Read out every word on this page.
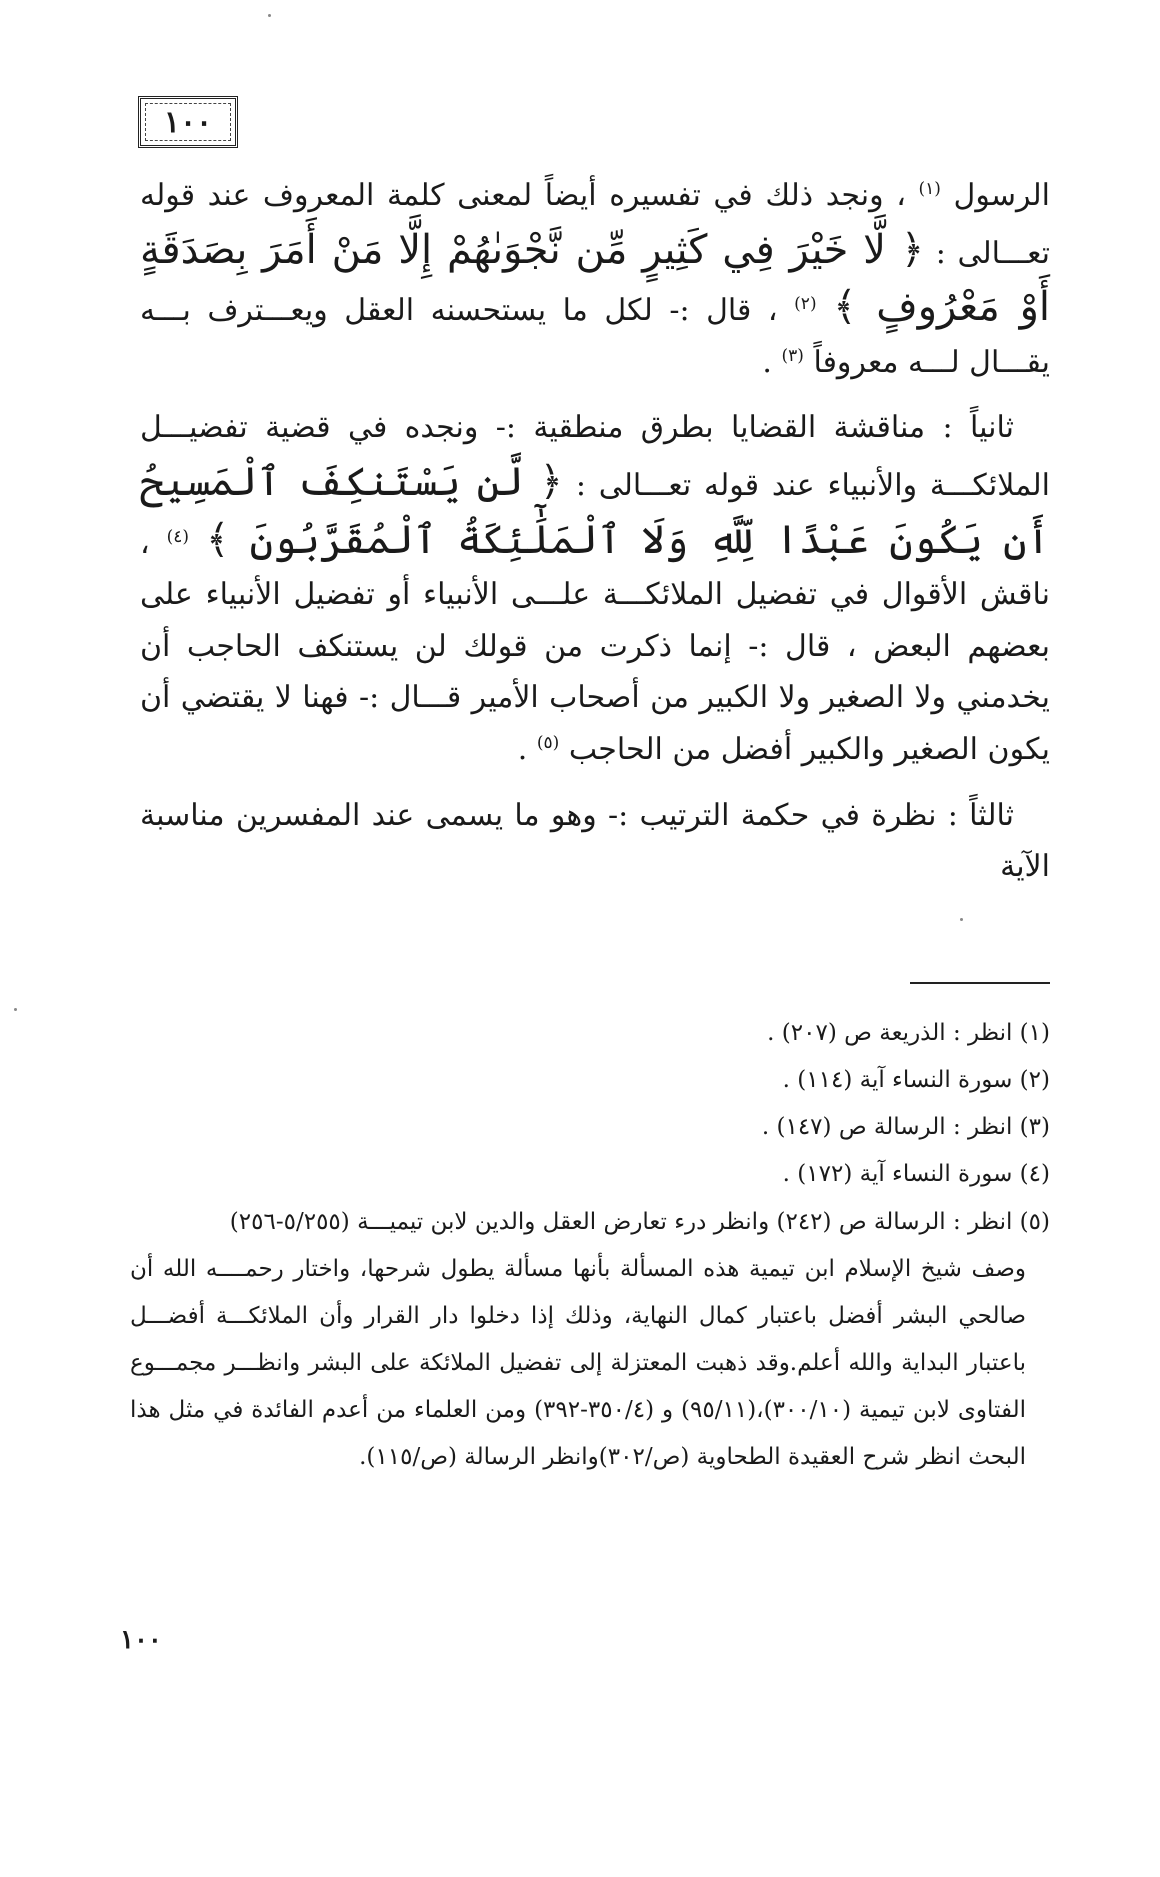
١٠٠

الرسول $^{(١)}$ ، ونجد ذلك في تفسيره أيضاً لمعنى كلمة المعروف عند قوله تعـــالى : ﴿ لَّا خَيْرَ فِي كَثِيرٍ مِّن نَّجْوَىٰهُمْ إِلَّا مَنْ أَمَرَ بِصَدَقَةٍ أَوْ مَعْرُوفٍ ﴾ $^{(٢)}$ ، قال :- لكل ما يستحسنه العقل ويعـــترف بـــه يقـــال لـــه معروفاً $^{(٣)}$ .

ثانياً : مناقشة القضايا بطرق منطقية :- ونجده في قضية تفضيـــل الملائكـــة والأنبياء عند قوله تعـــالى : ﴿ لَّن يَسْتَنكِفَ ٱلْمَسِيحُ أَن يَكُونَ عَبْدًا لِّلَّهِ وَلَا ٱلْمَلَٰٓئِكَةُ ٱلْمُقَرَّبُونَ ﴾ $^{(٤)}$ ، ناقش الأقوال في تفضيل الملائكـــة علـــى الأنبياء أو تفضيل الأنبياء على بعضهم البعض ، قال :- إنما ذكرت من قولك لن يستنكف الحاجب أن يخدمني ولا الصغير ولا الكبير من أصحاب الأمير قـــال :- فهنا لا يقتضي أن يكون الصغير والكبير أفضل من الحاجب $^{(٥)}$ .

ثالثاً : نظرة في حكمة الترتيب :- وهو ما يسمى عند المفسرين مناسبة الآية

(١) انظر : الذريعة ص (٢٠٧) .

(٢) سورة النساء آية (١١٤) .

(٣) انظر : الرسالة ص (١٤٧) .

(٤) سورة النساء آية (١٧٢) .

(٥) انظر : الرسالة ص (٢٤٢) وانظر درء تعارض العقل والدين لابن تيميـــة (٥/٢٥٥-٢٥٦)

وصف شيخ الإسلام ابن تيمية هذه المسألة بأنها مسألة يطول شرحها، واختار رحمــــه الله أن صالحي البشر أفضل باعتبار كمال النهاية، وذلك إذا دخلوا دار القرار وأن الملائكـــة أفضـــل باعتبار البداية والله أعلم.وقد ذهبت المعتزلة إلى تفضيل الملائكة على البشر وانظـــر مجمـــوع الفتاوى لابن تيمية (٣٠٠/١٠)،(٩٥/١١) و (٣٥٠/٤-٣٩٢) ومن العلماء من أعدم الفائدة في مثل هذا البحث انظر شرح العقيدة الطحاوية (ص/٣٠٢)وانظر الرسالة (ص/١١٥).

١٠٠
